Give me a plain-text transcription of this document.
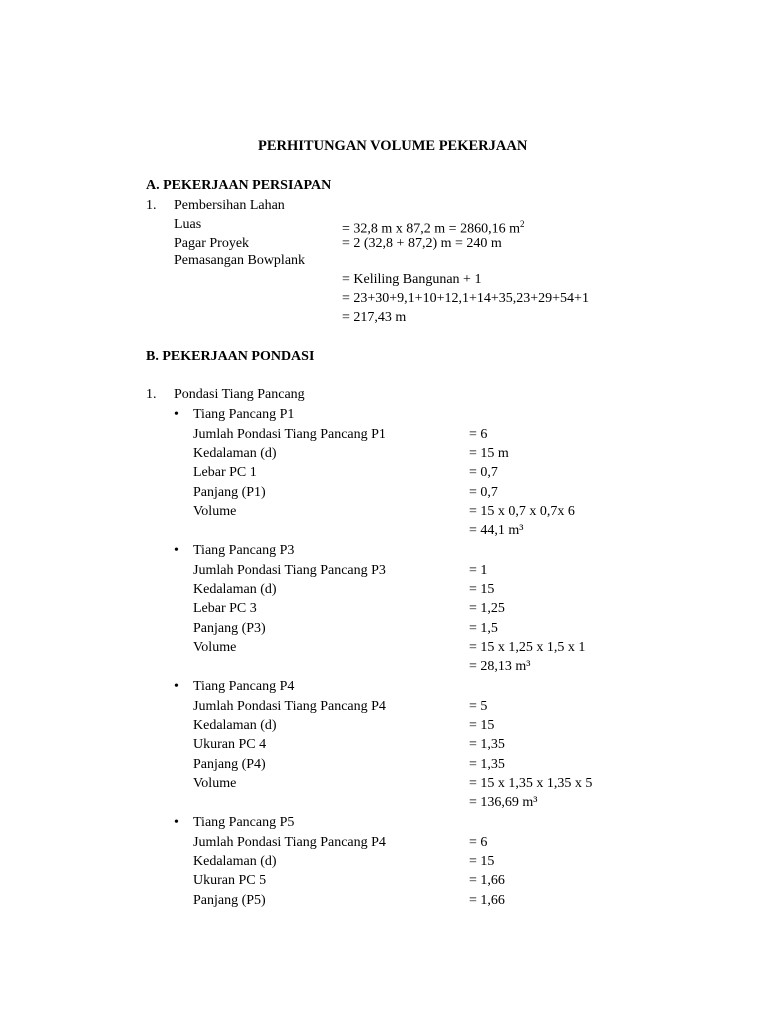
PERHITUNGAN VOLUME PEKERJAAN
A. PEKERJAAN PERSIAPAN
1. Pembersihan Lahan
Luas	= 32,8 m x 87,2 m = 2860,16 $m^2$
Pagar Proyek	= 2 (32,8 + 87,2) m = 240 m
Pemasangan Bowplank
= Keliling Bangunan + 1
= 23+30+9,1+10+12,1+14+35,23+29+54+1
= 217,43 m
B. PEKERJAAN PONDASI
1. Pondasi Tiang Pancang
• Tiang Pancang P1
Jumlah Pondasi Tiang Pancang P1	= 6
Kedalaman (d)	= 15 m
Lebar PC 1	= 0,7
Panjang (P1)	= 0,7
Volume	= 15 x 0,7 x 0,7x 6
= 44,1 m³
• Tiang Pancang P3
Jumlah Pondasi Tiang Pancang P3	= 1
Kedalaman (d)	= 15
Lebar PC 3	= 1,25
Panjang (P3)	= 1,5
Volume	= 15 x 1,25 x 1,5 x 1
= 28,13 m³
• Tiang Pancang P4
Jumlah Pondasi Tiang Pancang P4	= 5
Kedalaman (d)	= 15
Ukuran PC 4	= 1,35
Panjang (P4)	= 1,35
Volume	= 15 x 1,35 x 1,35 x 5
= 136,69 m³
• Tiang Pancang P5
Jumlah Pondasi Tiang Pancang P4	= 6
Kedalaman (d)	= 15
Ukuran PC 5	= 1,66
Panjang (P5)	= 1,66
